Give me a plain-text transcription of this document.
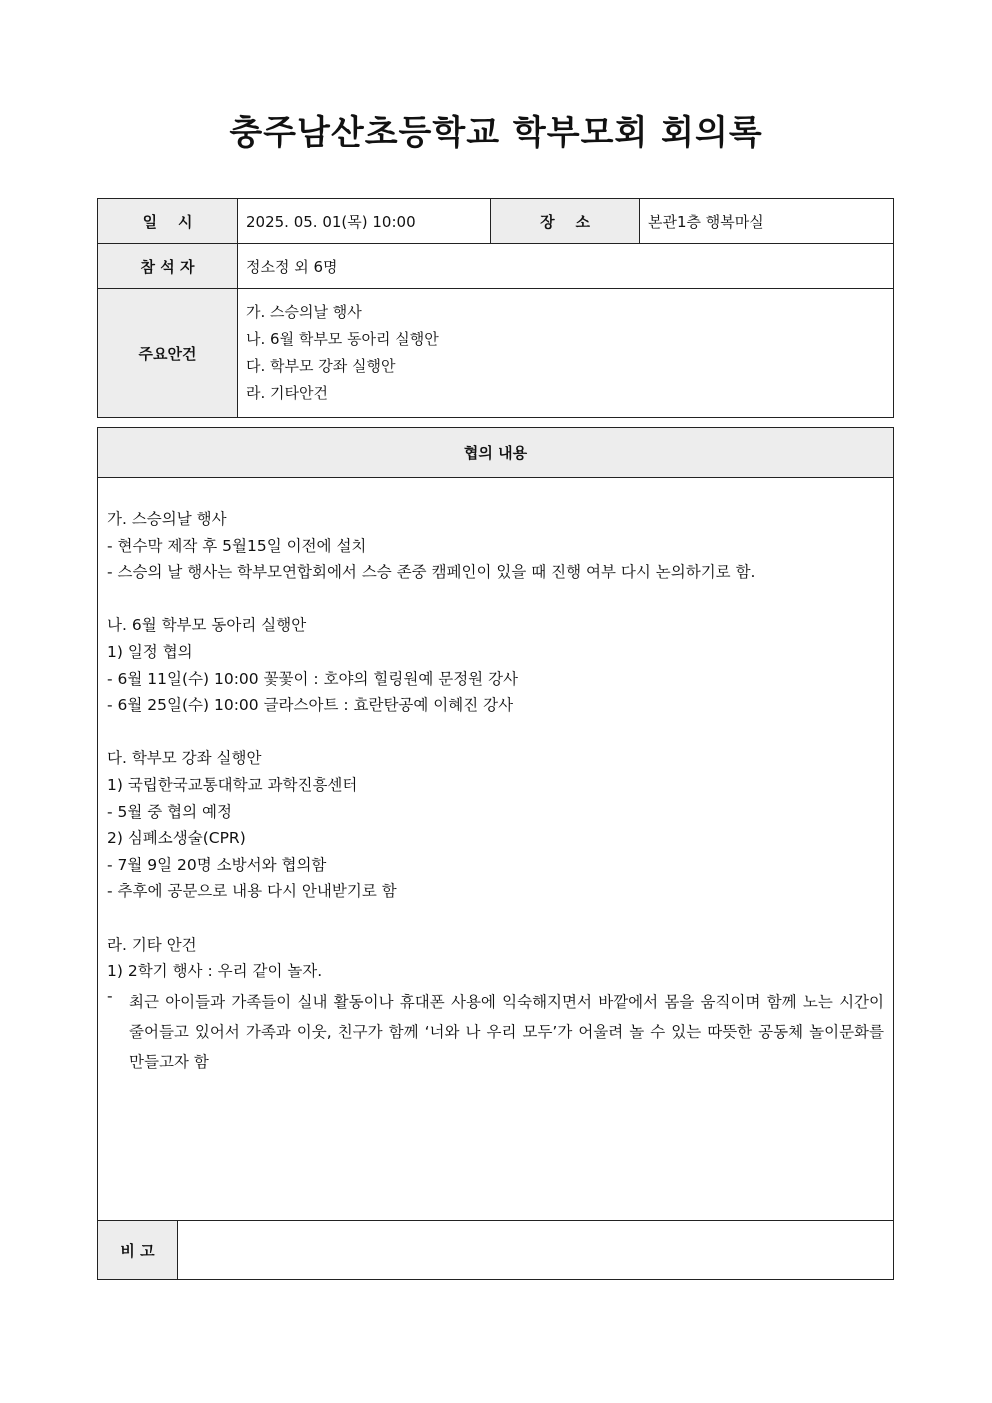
충주남산초등학교 학부모회 회의록
일    시	2025. 05. 01(목) 10:00	장    소	본관1층 행복마실
참 석 자	정소정 외 6명		
주요안건	가. 스승의날 행사
나. 6월 학부모 동아리 실행안
다. 학부모 강좌 실행안
라. 기타안건		
협의 내용

가. 스승의날 행사
- 현수막 제작 후 5월15일 이전에 설치
- 스승의 날 행사는 학부모연합회에서 스승 존중 캠페인이 있을 때 진행 여부 다시 논의하기로 함.
나. 6월 학부모 동아리 실행안
1) 일정 협의
- 6월 11일(수) 10:00 꽃꽃이 : 호야의 힐링원예 문정원 강사
- 6월 25일(수) 10:00 글라스아트 : 효란탄공예 이혜진 강사
다. 학부모 강좌 실행안
1) 국립한국교통대학교 과학진흥센터
- 5월 중 협의 예정
2) 심폐소생술(CPR)
- 7월 9일 20명 소방서와 협의함
- 추후에 공문으로 내용 다시 안내받기로 함
라. 기타 안건
1) 2학기 행사 : 우리 같이 놀자.
-	최근 아이들과 가족들이 실내 활동이나 휴대폰 사용에 익숙해지면서 바깥에서 몸을 움직이며 함께 노는 시간이 줄어들고 있어서 가족과 이웃, 친구가 함께 ‘너와 나 우리 모두’가 어울려 놀 수 있는 따뜻한 공동체 놀이문화를 만들고자 함

비 고	
